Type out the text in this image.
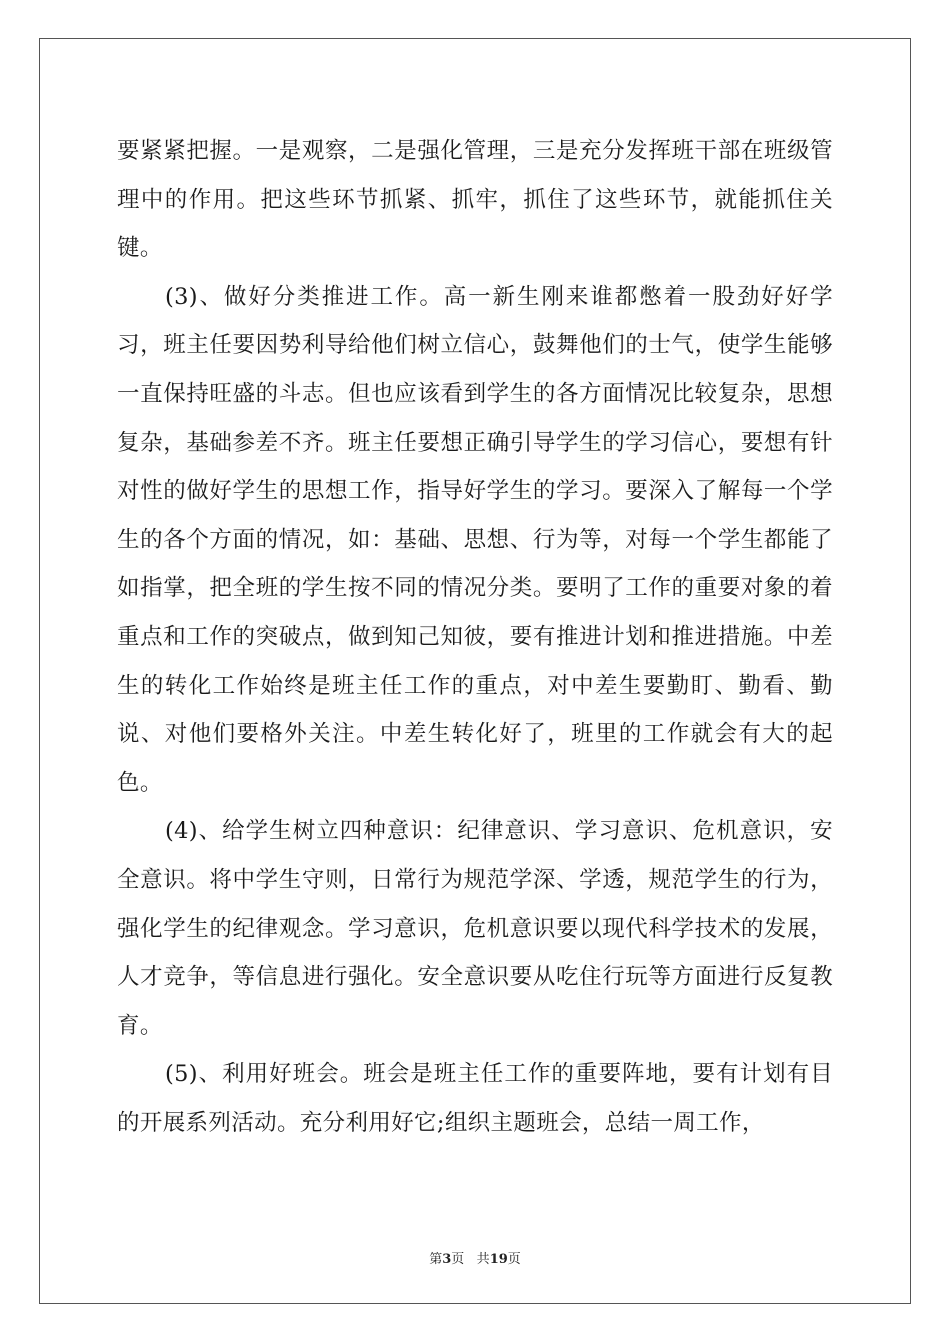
要紧紧把握。一是观察，二是强化管理，三是充分发挥班干部在班级管理中的作用。把这些环节抓紧、抓牢，抓住了这些环节，就能抓住关键。

(3)、做好分类推进工作。高一新生刚来谁都憋着一股劲好好学习，班主任要因势利导给他们树立信心，鼓舞他们的士气，使学生能够一直保持旺盛的斗志。但也应该看到学生的各方面情况比较复杂，思想复杂，基础参差不齐。班主任要想正确引导学生的学习信心，要想有针对性的做好学生的思想工作，指导好学生的学习。要深入了解每一个学生的各个方面的情况，如：基础、思想、行为等，对每一个学生都能了如指掌，把全班的学生按不同的情况分类。要明了工作的重要对象的着重点和工作的突破点，做到知己知彼，要有推进计划和推进措施。中差生的转化工作始终是班主任工作的重点，对中差生要勤盯、勤看、勤说、对他们要格外关注。中差生转化好了，班里的工作就会有大的起色。

(4)、给学生树立四种意识：纪律意识、学习意识、危机意识，安全意识。将中学生守则，日常行为规范学深、学透，规范学生的行为，强化学生的纪律观念。学习意识，危机意识要以现代科学技术的发展，人才竞争，等信息进行强化。安全意识要从吃住行玩等方面进行反复教育。

(5)、利用好班会。班会是班主任工作的重要阵地，要有计划有目的开展系列活动。充分利用好它;组织主题班会，总结一周工作，

第3页 共19页
